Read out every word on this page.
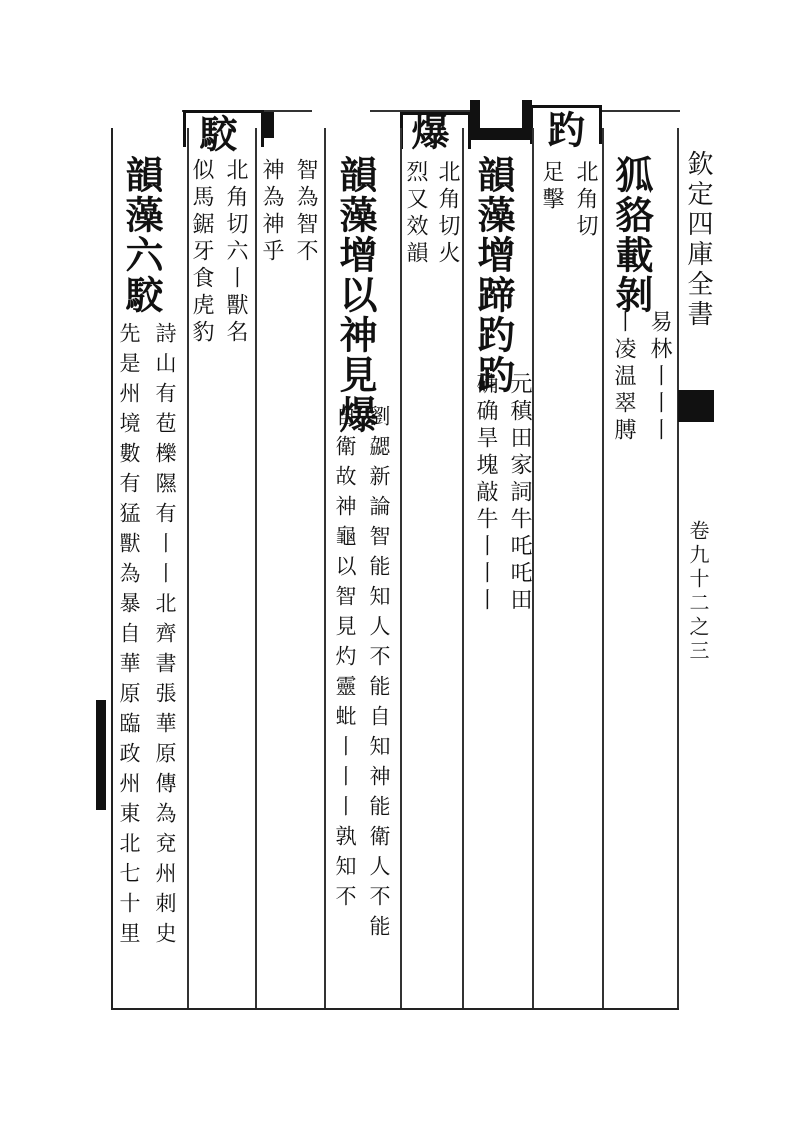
欽定四庫全書
卷九十二之三
狐貉載剝
易林丨丨丨
丨凌温翠膊
趵
北角切
足擊
韻藻增蹄趵趵
元稹田家詞牛吒吒田
确确旱塊敲牛丨丨丨
爆
北角切火
烈又效韻
韻藻增以神見爆
劉勰新論智能知人不能自知神能衛人不能
自衛故神龜以智見灼靈蚍丨丨丨孰知不
智為智不
神為神乎
駮
北角切六丨獸名
似馬鋸牙食虎豹
韻藻六駮
詩山有苞櫟隰有丨丨北齊書張華原傳為兗州刺史
先是州境數有猛獸為暴自華原臨政州東北七十里
